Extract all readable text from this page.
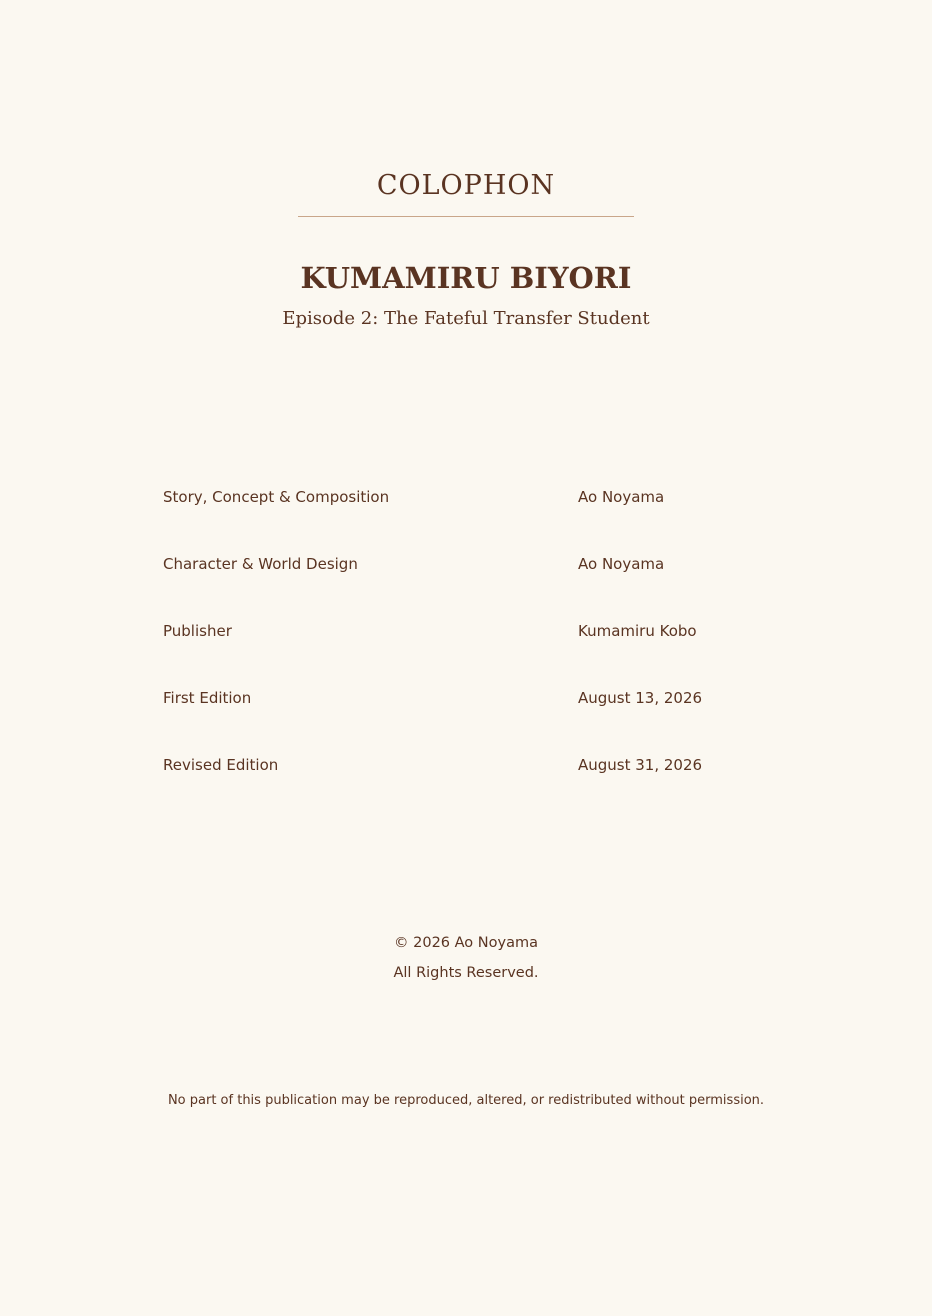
COLOPHON
KUMAMIRU BIYORI
Episode 2: The Fateful Transfer Student
Story, Concept & Composition	Ao Noyama
Character & World Design	Ao Noyama
Publisher	Kumamiru Kobo
First Edition	August 13, 2026
Revised Edition	August 31, 2026
© 2026 Ao Noyama
All Rights Reserved.
No part of this publication may be reproduced, altered, or redistributed without permission.
